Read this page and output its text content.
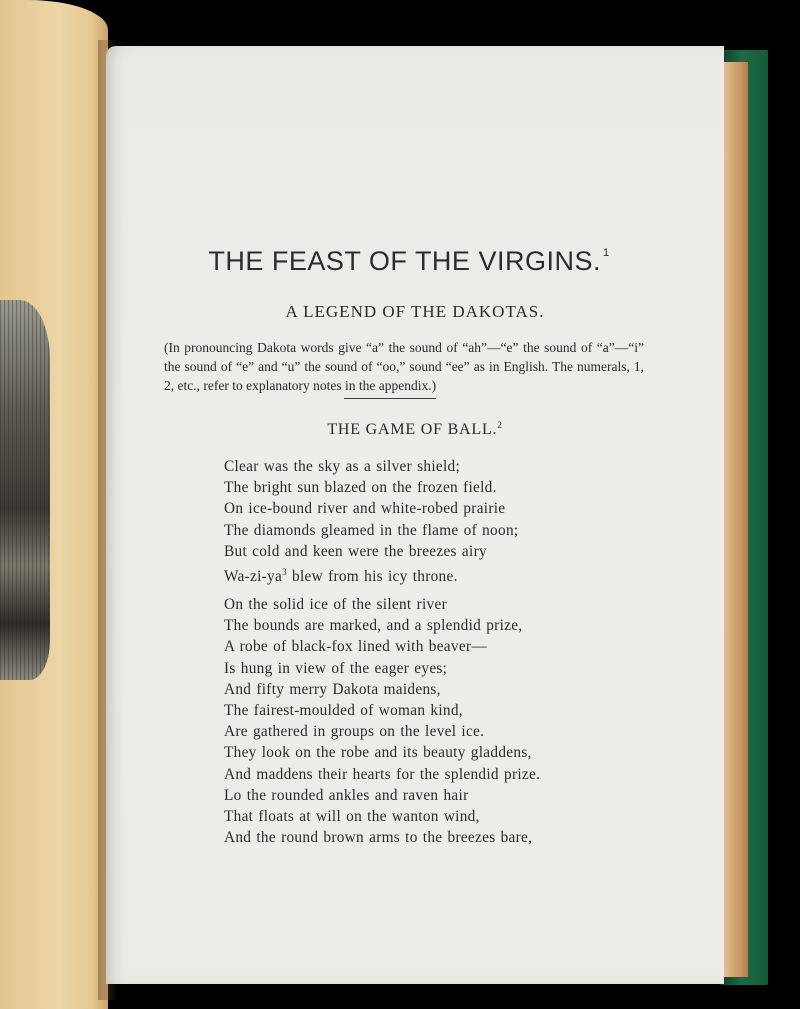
THE FEAST OF THE VIRGINS. $^1$
A LEGEND OF THE DAKOTAS.
(In pronouncing Dakota words give “a” the sound of “ah”—“e” the sound of “a”—“i” the sound of “e” and “u” the sound of “oo,” sound “ee” as in English. The numerals, 1, 2, etc., refer to explanatory notes in the appendix.)
THE GAME OF BALL.$^2$
Clear was the sky as a silver shield;
The bright sun blazed on the frozen field.
On ice-bound river and white-robed prairie
The diamonds gleamed in the flame of noon;
But cold and keen were the breezes airy
$Wa-zi-ya^3$ blew from his icy throne.
On the solid ice of the silent river
The bounds are marked, and a splendid prize,
A robe of black-fox lined with beaver—
Is hung in view of the eager eyes;
And fifty merry Dakota maidens,
The fairest-moulded of woman kind,
Are gathered in groups on the level ice.
They look on the robe and its beauty gladdens,
And maddens their hearts for the splendid prize.
Lo the rounded ankles and raven hair
That floats at will on the wanton wind,
And the round brown arms to the breezes bare,
